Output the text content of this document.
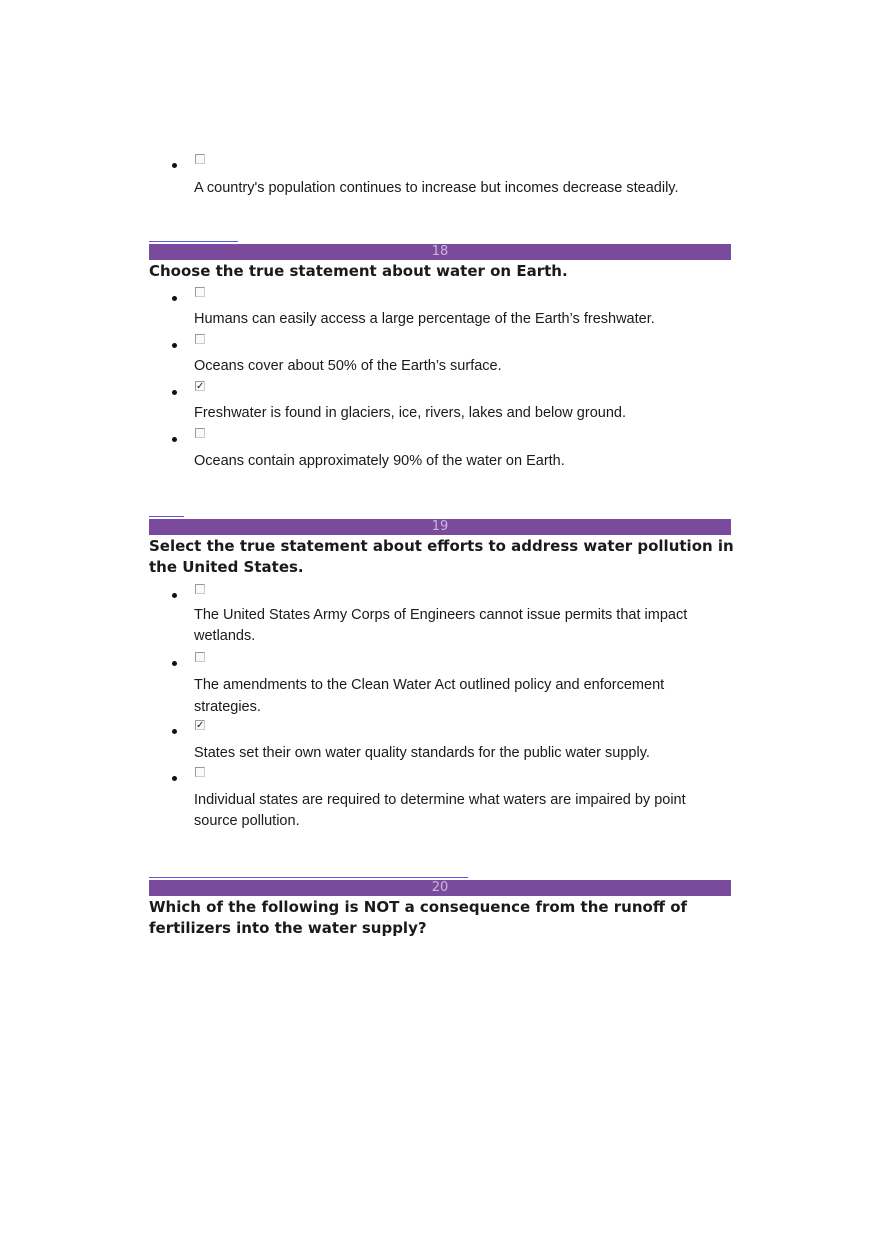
A country's population continues to increase but incomes decrease steadily.
18
Choose the true statement about water on Earth.
Humans can easily access a large percentage of the Earth’s freshwater.
Oceans cover about 50% of the Earth’s surface.
✓
Freshwater is found in glaciers, ice, rivers, lakes and below ground.
Oceans contain approximately 90% of the water on Earth.
19
Select the true statement about efforts to address water pollution in the United States.
The United States Army Corps of Engineers cannot issue permits that impact wetlands.
The amendments to the Clean Water Act outlined policy and enforcement strategies.
✓
States set their own water quality standards for the public water supply.
Individual states are required to determine what waters are impaired by point source pollution.
20
Which of the following is NOT a consequence from the runoff of fertilizers into the water supply?
